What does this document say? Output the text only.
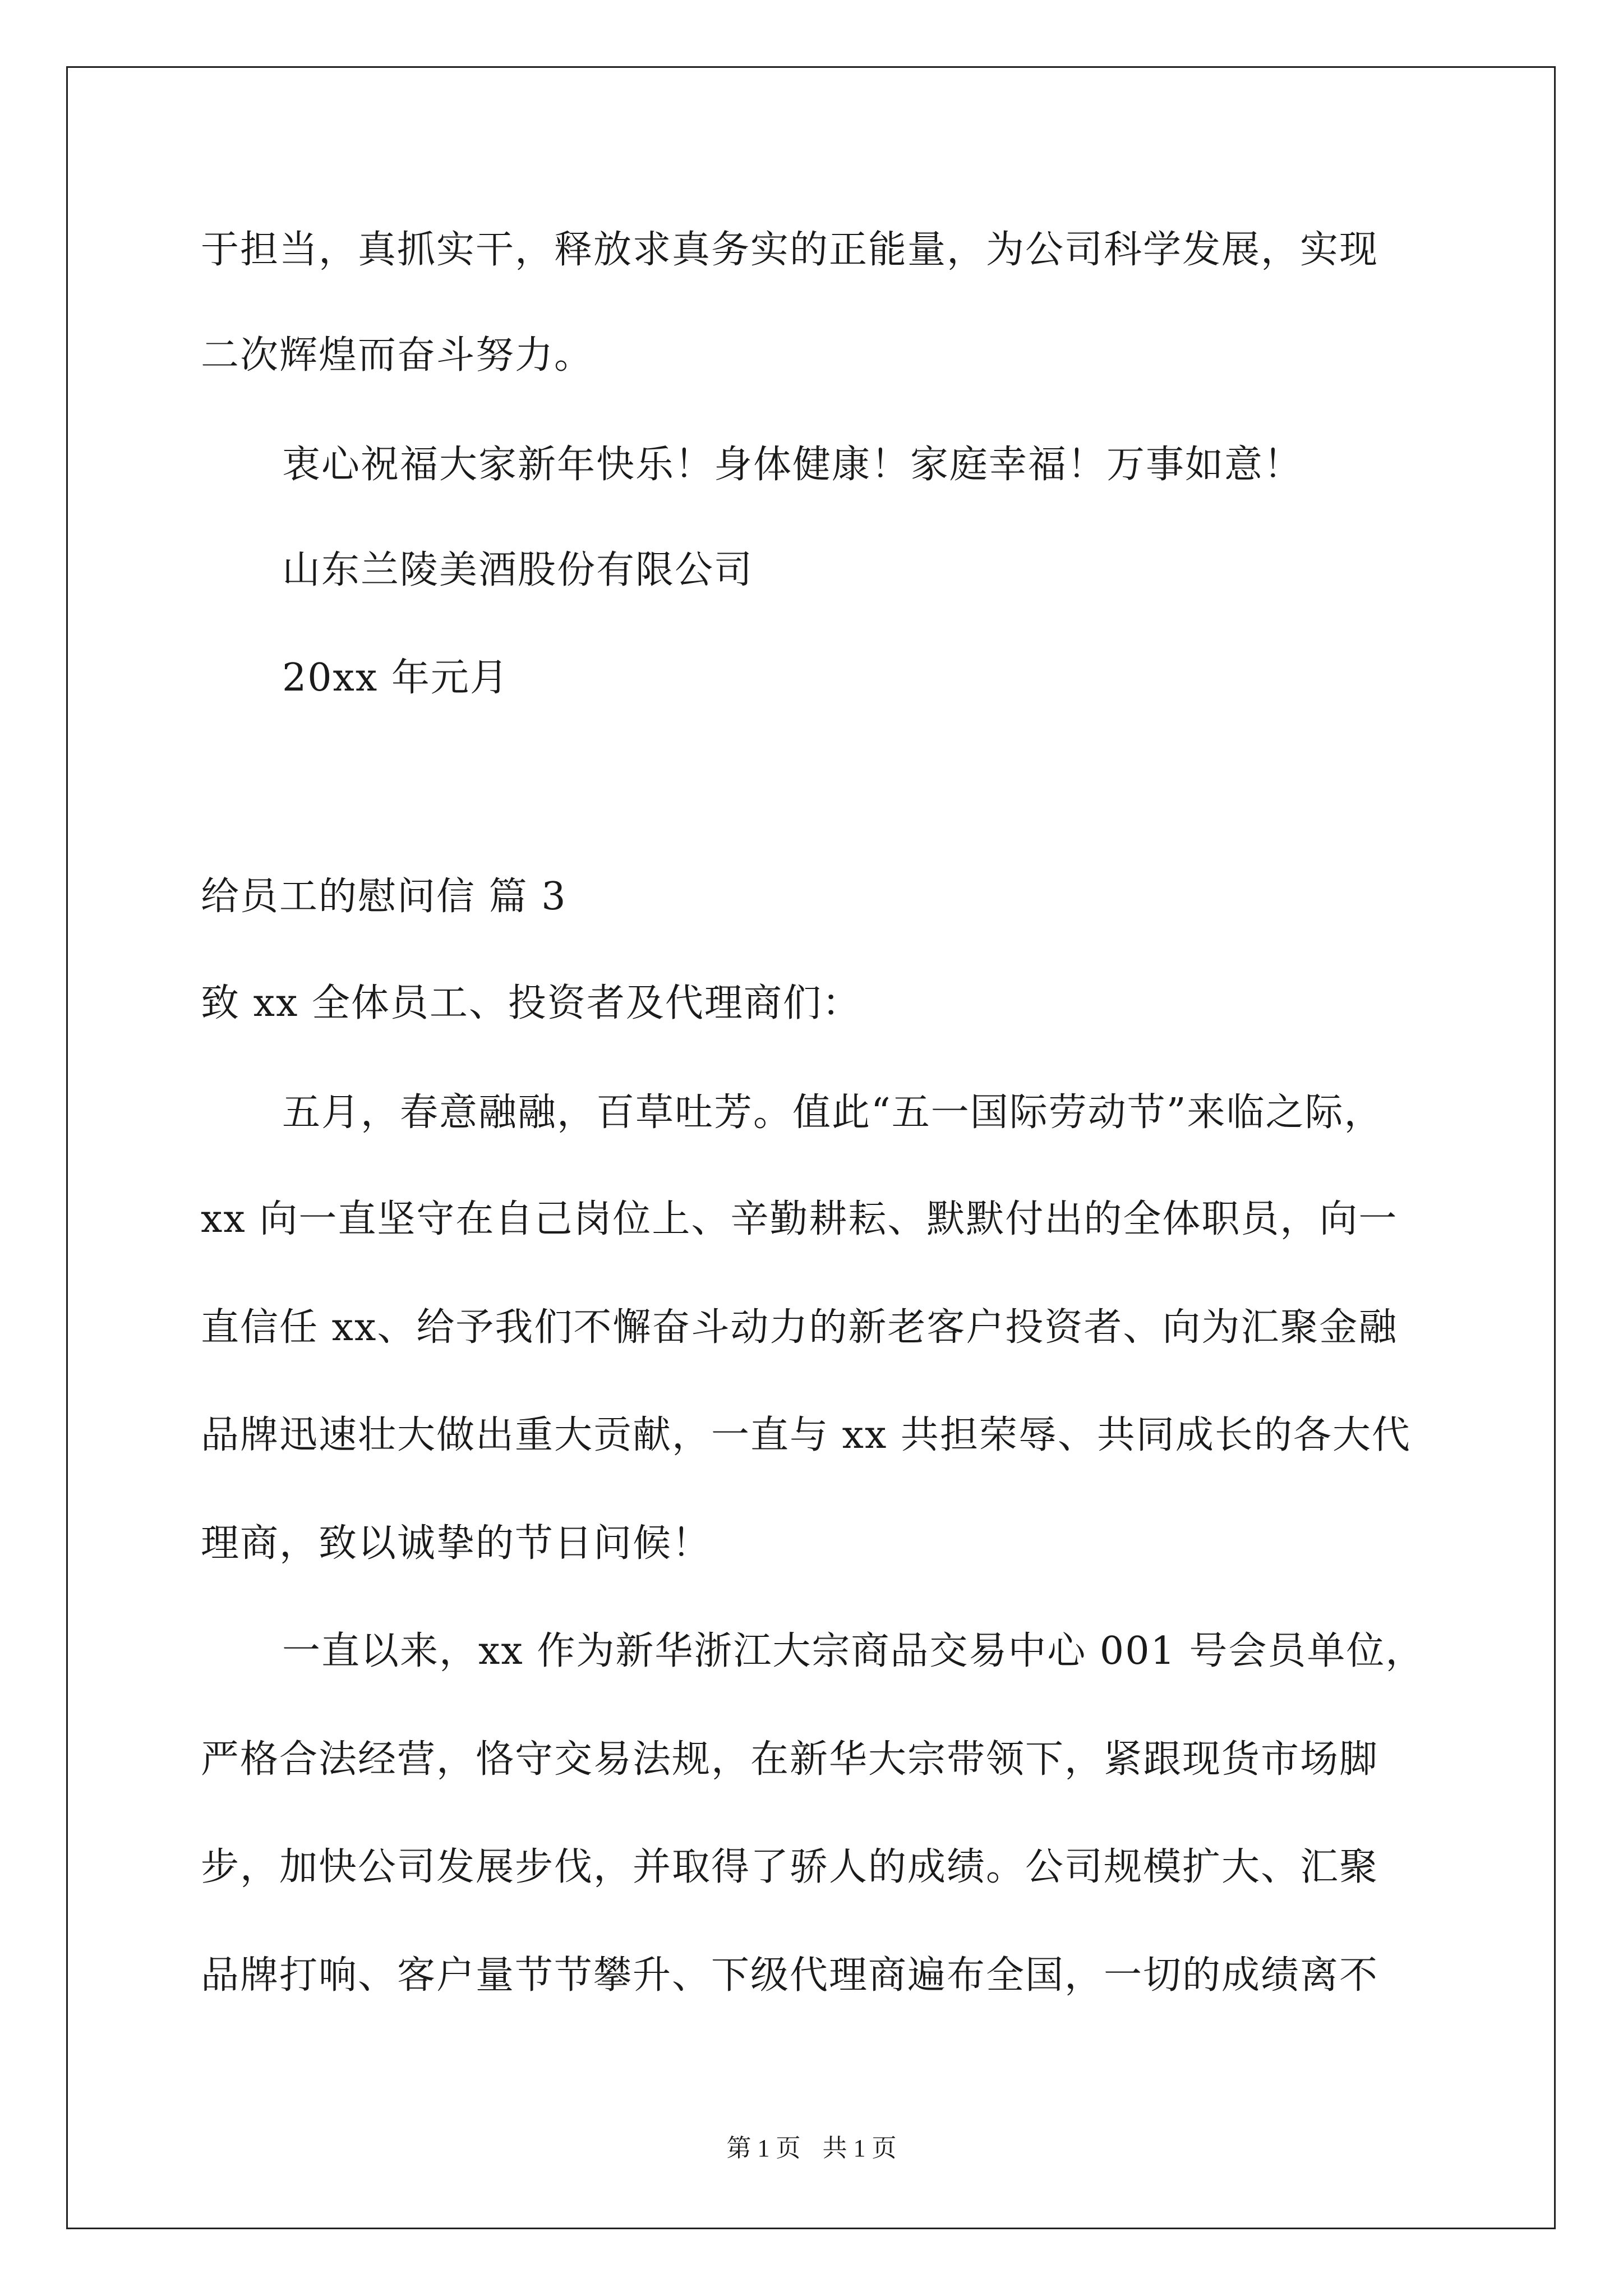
于担当，真抓实干，释放求真务实的正能量，为公司科学发展，实现
二次辉煌而奋斗努力。
衷心祝福大家新年快乐！身体健康！家庭幸福！万事如意！
山东兰陵美酒股份有限公司
20xx 年元月
给员工的慰问信 篇 3
致 xx 全体员工、投资者及代理商们：
五月，春意融融，百草吐芳。值此“五一国际劳动节”来临之际，
xx 向一直坚守在自己岗位上、辛勤耕耘、默默付出的全体职员，向一
直信任 xx、给予我们不懈奋斗动力的新老客户投资者、向为汇聚金融
品牌迅速壮大做出重大贡献，一直与 xx 共担荣辱、共同成长的各大代
理商，致以诚挚的节日问候！
一直以来，xx 作为新华浙江大宗商品交易中心 001 号会员单位，
严格合法经营，恪守交易法规，在新华大宗带领下，紧跟现货市场脚
步，加快公司发展步伐，并取得了骄人的成绩。公司规模扩大、汇聚
品牌打响、客户量节节攀升、下级代理商遍布全国，一切的成绩离不
第 1 页 共 1 页
